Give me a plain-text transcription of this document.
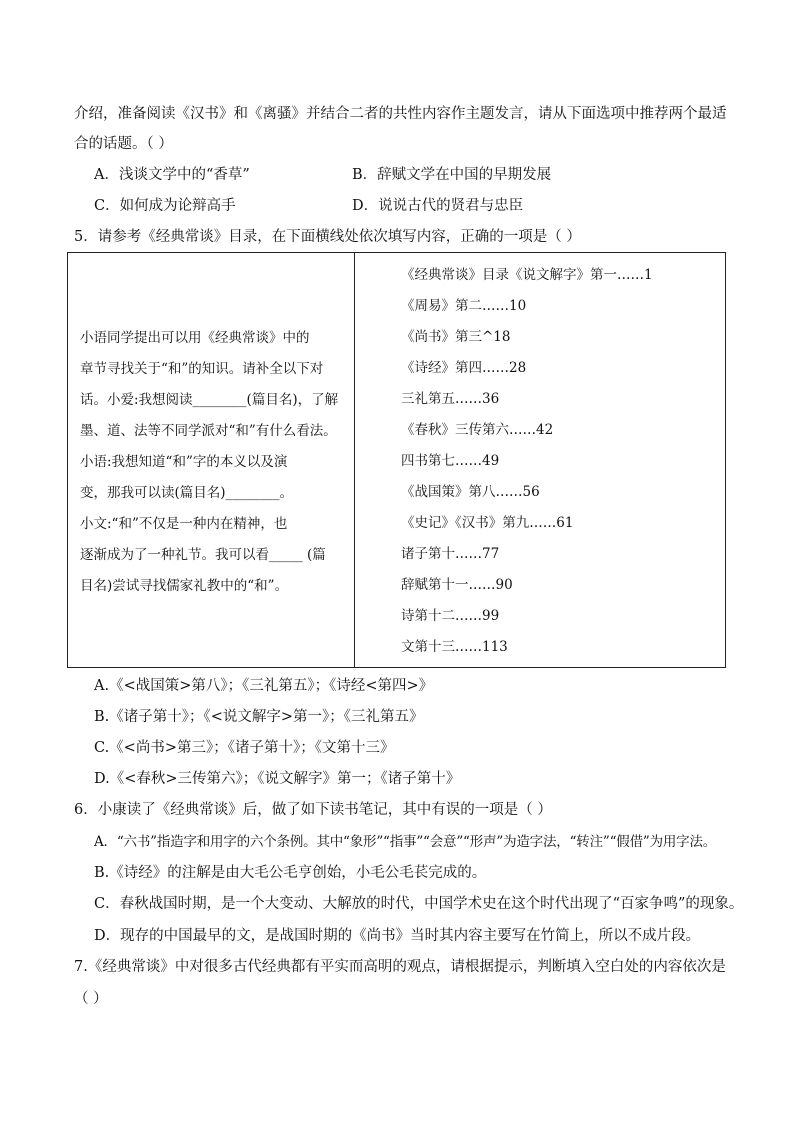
介绍，准备阅读《汉书》和《离骚》并结合二者的共性内容作主题发言，请从下面选项中推荐两个最适
合的话题。（ ）
A．浅谈文学中的“香草”	B．辞赋文学在中国的早期发展
C．如何成为论辩高手	D．说说古代的贤君与忠臣
5．请参考《经典常谈》目录，在下面横线处依次填写内容，正确的一项是（ ）
小语同学提出可以用《经典常谈》中的
章节寻找关于“和”的知识。请补全以下对
话。小爱:我想阅读________(篇目名)，了解
墨、道、法等不同学派对“和”有什么看法。
小语:我想知道“和”字的本义以及演
变，那我可以读(篇目名)________。
小文:“和”不仅是一种内在精神，也
逐渐成为了一种礼节。我可以看_____ (篇
目名)尝试寻找儒家礼教中的“和”。
《经典常谈》目录《说文解字》第一……1
《周易》第二……10
《尚书》第三^18
《诗经》第四……28
三礼第五……36
《春秋》三传第六……42
四书第七……49
《战国策》第八……56
《史记》《汉书》第九……61
诸子第十……77
辞赋第十一……90
诗第十二……99
文第十三……113
A.《<战国策>第八》；《三礼第五》；《诗经<第四>》
B.《诸子第十》；《<说文解字>第一》；《三礼第五》
C.《<尚书>第三》；《诸子第十》；《文第十三》
D.《<春秋>三传第六》；《说文解字》第一；《诸子第十》
6．小康读了《经典常谈》后，做了如下读书笔记，其中有误的一项是（ ）
A．“六书”指造字和用字的六个条例。其中“象形”“指事”“会意”“形声”为造字法，“转注”“假借”为用字法。
B.《诗经》的注解是由大毛公毛亨创始，小毛公毛苌完成的。
C．春秋战国时期，是一个大变动、大解放的时代，中国学术史在这个时代出现了“百家争鸣”的现象。
D．现存的中国最早的文，是战国时期的《尚书》当时其内容主要写在竹简上，所以不成片段。
7.《经典常谈》中对很多古代经典都有平实而高明的观点，请根据提示，判断填入空白处的内容依次是
（ ）
